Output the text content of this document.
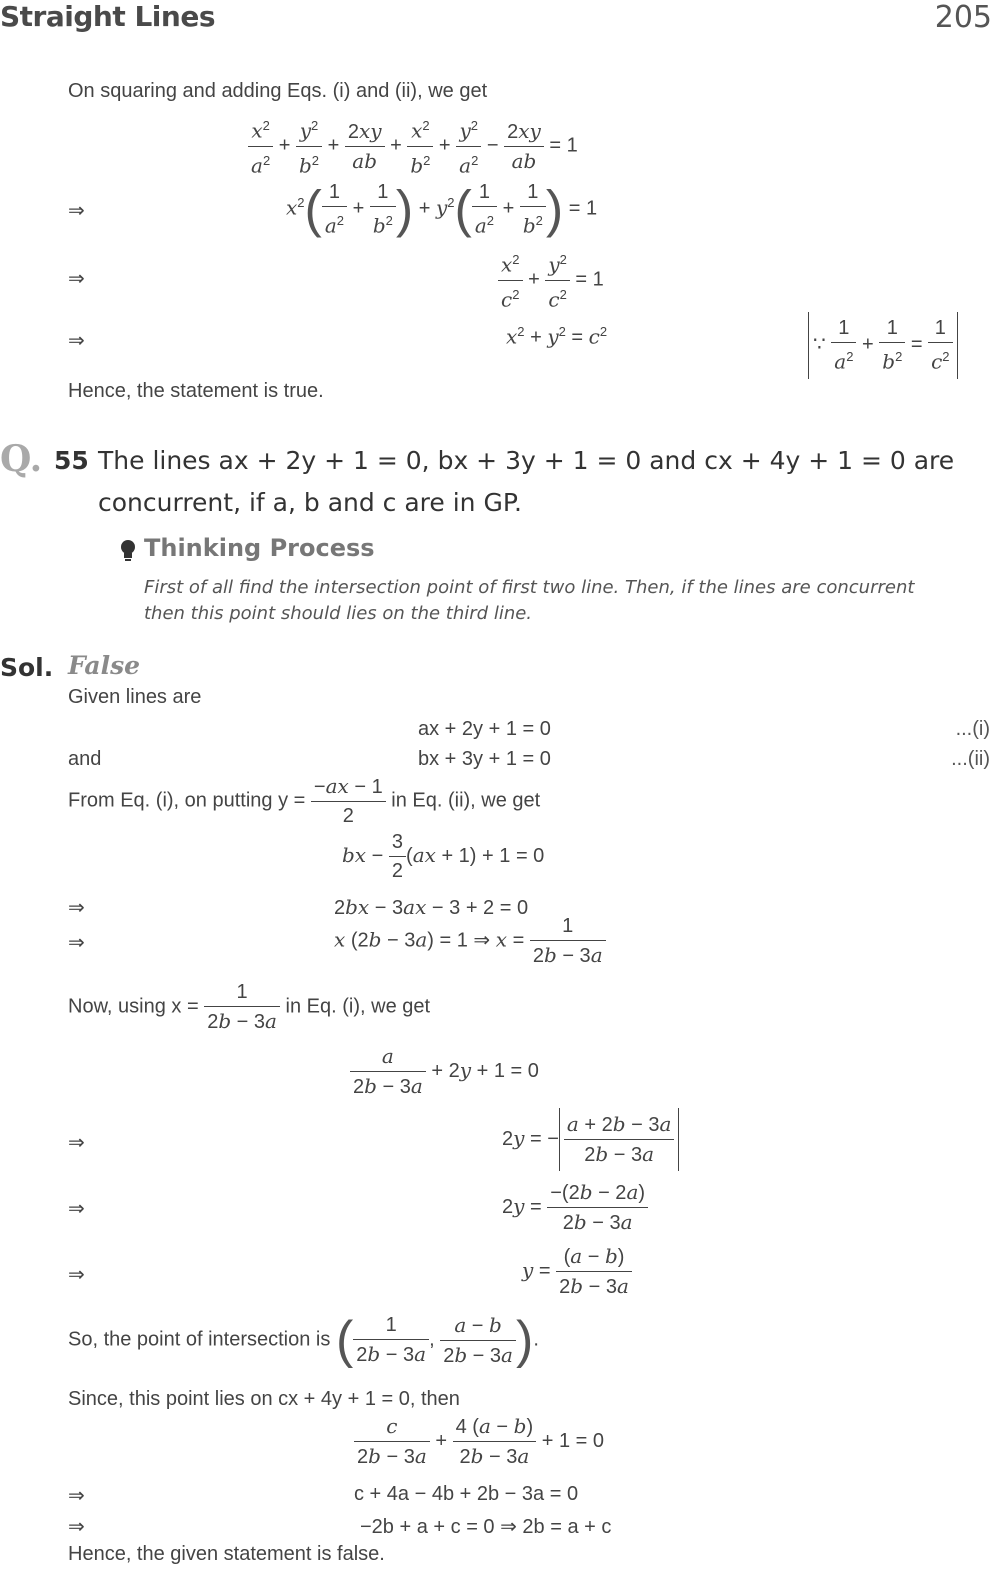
Straight Lines	205
On squaring and adding Eqs. (i) and (ii), we get
$\frac{x^2}{a^2} + \frac{y^2}{b^2} + \frac{2xy}{ab} + \frac{x^2}{b^2} + \frac{y^2}{a^2} - \frac{2xy}{ab} = 1$
⇒	$x^2( \frac{1}{a^2} + \frac{1}{b^2}$ ) + $y^2( \frac{1}{a^2} + \frac{1}{b^2}$ ) = 1
⇒	$\frac{x^2}{c^2} + \frac{y^2}{c^2} = 1$
⇒	$x^2 + y^2 = c^2$
∵ $\frac{1}{a^2} + \frac{1}{b^2} = \frac{1}{c^2}$
Hence, the statement is true.
Q. 55 The lines ax + 2y + 1 = 0, bx + 3y + 1 = 0 and cx + 4y + 1 = 0 are
concurrent, if a, b and c are in GP.
Thinking Process
First of all find the intersection point of first two line. Then, if the lines are concurrent
then this point should lies on the third line.
Sol. False
Given lines are
ax + 2y + 1 = 0	...(i)
and	bx + 3y + 1 = 0	...(ii)
From Eq. (i), on putting $y = \frac{-ax - 1}{2}$ in Eq. (ii), we get
bx − $\frac{3}{2} (ax + 1) + 1 = 0$
⇒	2bx − 3ax − 3 + 2 = 0
⇒	x (2b − 3a) = 1 ⇒ $x = \frac{1}{2b - 3a}$
Now, using $x = \frac{1}{2b - 3a}$ in Eq. (i), we get
$\frac{a}{2b - 3a} + 2y + 1 = 0$
⇒	2y = − $\frac{a + 2b - 3a}{2b - 3a}$
⇒	$2y = \frac{-(2b - 2a)}{2b - 3a}$
⇒	$y = \frac{(a - b)}{2b - 3a}$
So, the point of intersection is ( $\frac{1}{2b - 3a}$ , $\frac{a - b}{2b - 3a}$ ).
Since, this point lies on cx + 4y + 1 = 0, then
$\frac{c}{2b - 3a} + \frac{4 (a - b)}{2b - 3a} + 1 = 0$
⇒	c + 4a − 4b + 2b − 3a = 0
⇒	−2b + a + c = 0 ⇒ 2b = a + c
Hence, the given statement is false.
